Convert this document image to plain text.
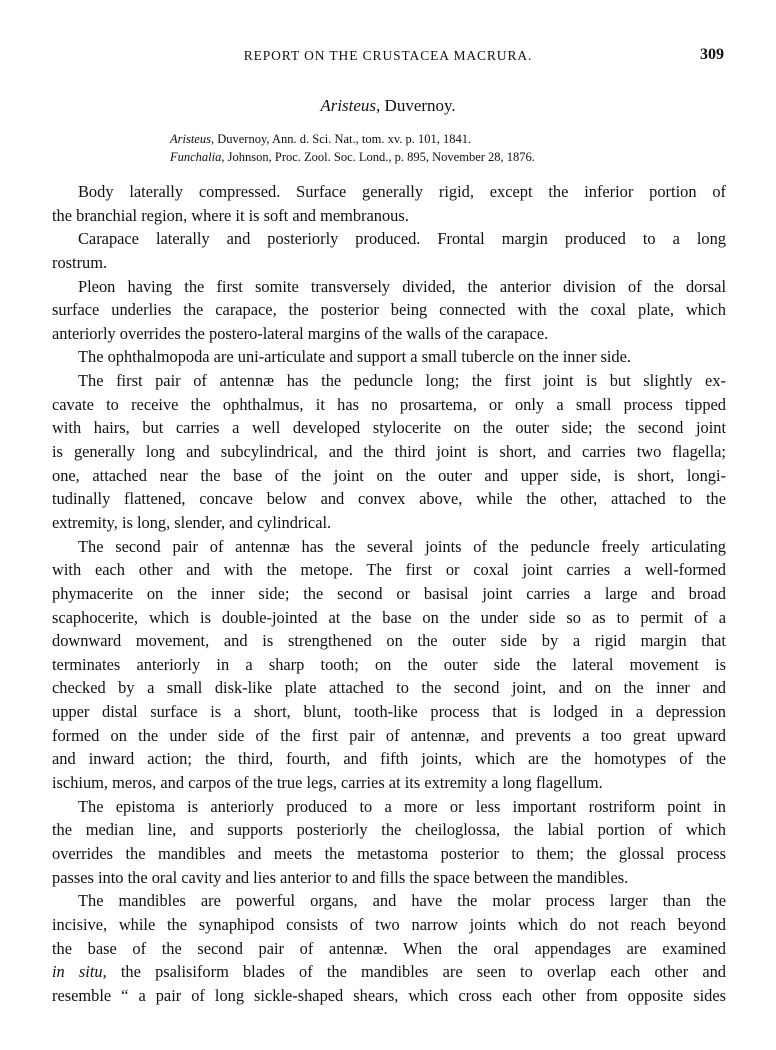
REPORT ON THE CRUSTACEA MACRURA.	309
Aristeus, Duvernoy.
Aristeus, Duvernoy, Ann. d. Sci. Nat., tom. xv. p. 101, 1841.
Funchalia, Johnson, Proc. Zool. Soc. Lond., p. 895, November 28, 1876.
Body laterally compressed. Surface generally rigid, except the inferior portion of
the branchial region, where it is soft and membranous.
Carapace laterally and posteriorly produced. Frontal margin produced to a long
rostrum.
Pleon having the first somite transversely divided, the anterior division of the dorsal
surface underlies the carapace, the posterior being connected with the coxal plate, which
anteriorly overrides the postero-lateral margins of the walls of the carapace.
The ophthalmopoda are uni-articulate and support a small tubercle on the inner side.
The first pair of antennæ has the peduncle long; the first joint is but slightly ex-
cavate to receive the ophthalmus, it has no prosartema, or only a small process tipped
with hairs, but carries a well developed stylocerite on the outer side; the second joint
is generally long and subcylindrical, and the third joint is short, and carries two flagella;
one, attached near the base of the joint on the outer and upper side, is short, longi-
tudinally flattened, concave below and convex above, while the other, attached to the
extremity, is long, slender, and cylindrical.
The second pair of antennæ has the several joints of the peduncle freely articulating
with each other and with the metope. The first or coxal joint carries a well-formed
phymacerite on the inner side; the second or basisal joint carries a large and broad
scaphocerite, which is double-jointed at the base on the under side so as to permit of a
downward movement, and is strengthened on the outer side by a rigid margin that
terminates anteriorly in a sharp tooth; on the outer side the lateral movement is
checked by a small disk-like plate attached to the second joint, and on the inner and
upper distal surface is a short, blunt, tooth-like process that is lodged in a depression
formed on the under side of the first pair of antennæ, and prevents a too great upward
and inward action; the third, fourth, and fifth joints, which are the homotypes of the
ischium, meros, and carpos of the true legs, carries at its extremity a long flagellum.
The epistoma is anteriorly produced to a more or less important rostriform point in
the median line, and supports posteriorly the cheiloglossa, the labial portion of which
overrides the mandibles and meets the metastoma posterior to them; the glossal process
passes into the oral cavity and lies anterior to and fills the space between the mandibles.
The mandibles are powerful organs, and have the molar process larger than the
incisive, while the synaphipod consists of two narrow joints which do not reach beyond
the base of the second pair of antennæ. When the oral appendages are examined
in situ, the psalisiform blades of the mandibles are seen to overlap each other and
resemble “ a pair of long sickle-shaped shears, which cross each other from opposite sides
